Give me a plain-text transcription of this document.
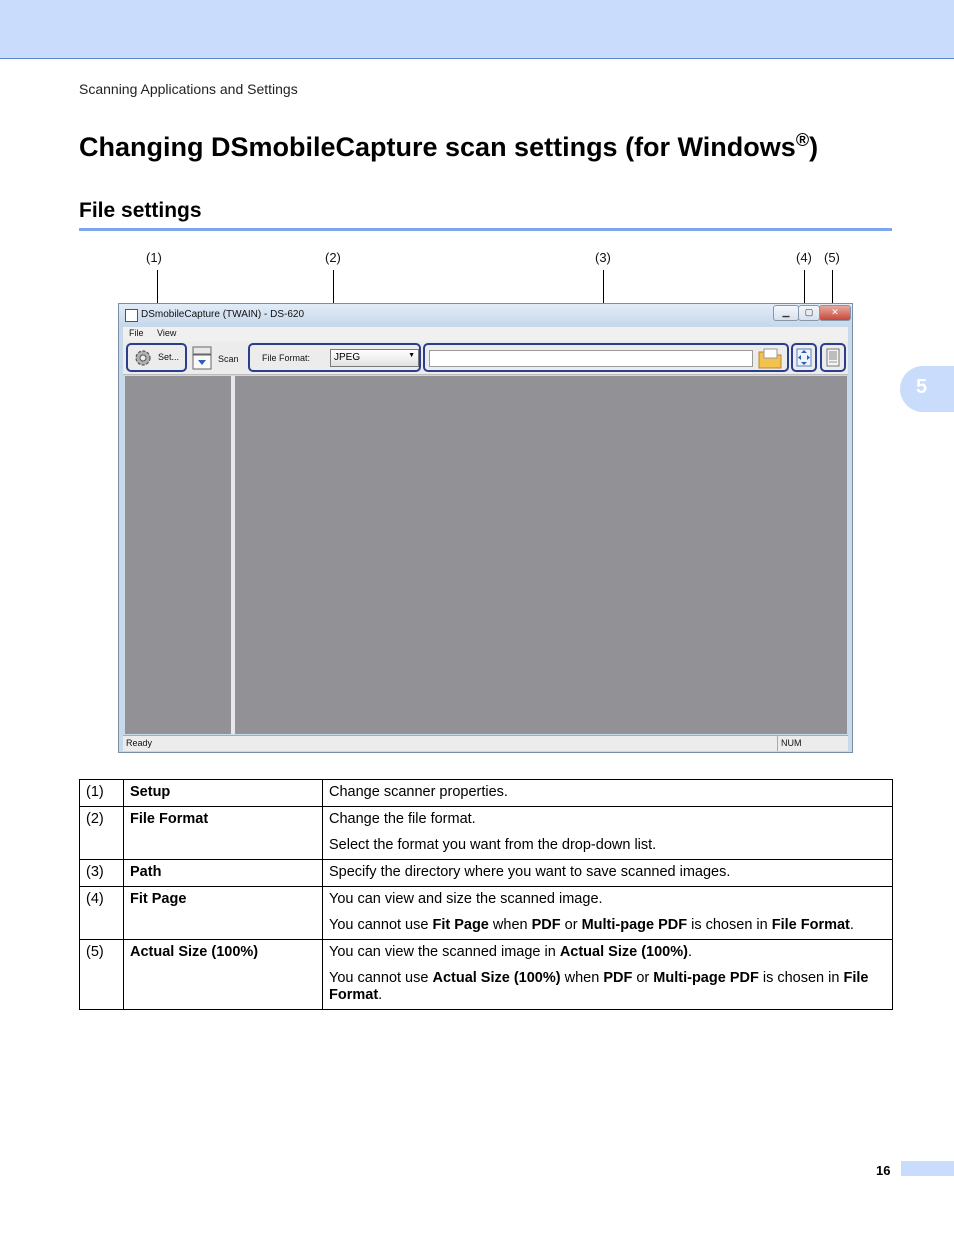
Scanning Applications and Settings
5
Changing DSmobileCapture scan settings (for Windows®)
File settings
(1)	(2)	(3)	(4) (5)
DSmobileCapture (TWAIN) - DS-620	▁	▢	✕
File View
Set...	Scan	File Format: JPEG	▼
Ready	NUM
(1)	Setup	Change scanner properties.

(2)	File Format	Change the file format.

Select the format you want from the drop-down list.

(3)	Path	Specify the directory where you want to save scanned images.

(4)	Fit Page	You can view and size the scanned image.

You cannot use Fit Page when PDF or Multi-page PDF is chosen in File Format.

(5)	Actual Size (100%)	You can view the scanned image in Actual Size (100%).

You cannot use Actual Size (100%) when PDF or Multi-page PDF is chosen in File Format.

16
